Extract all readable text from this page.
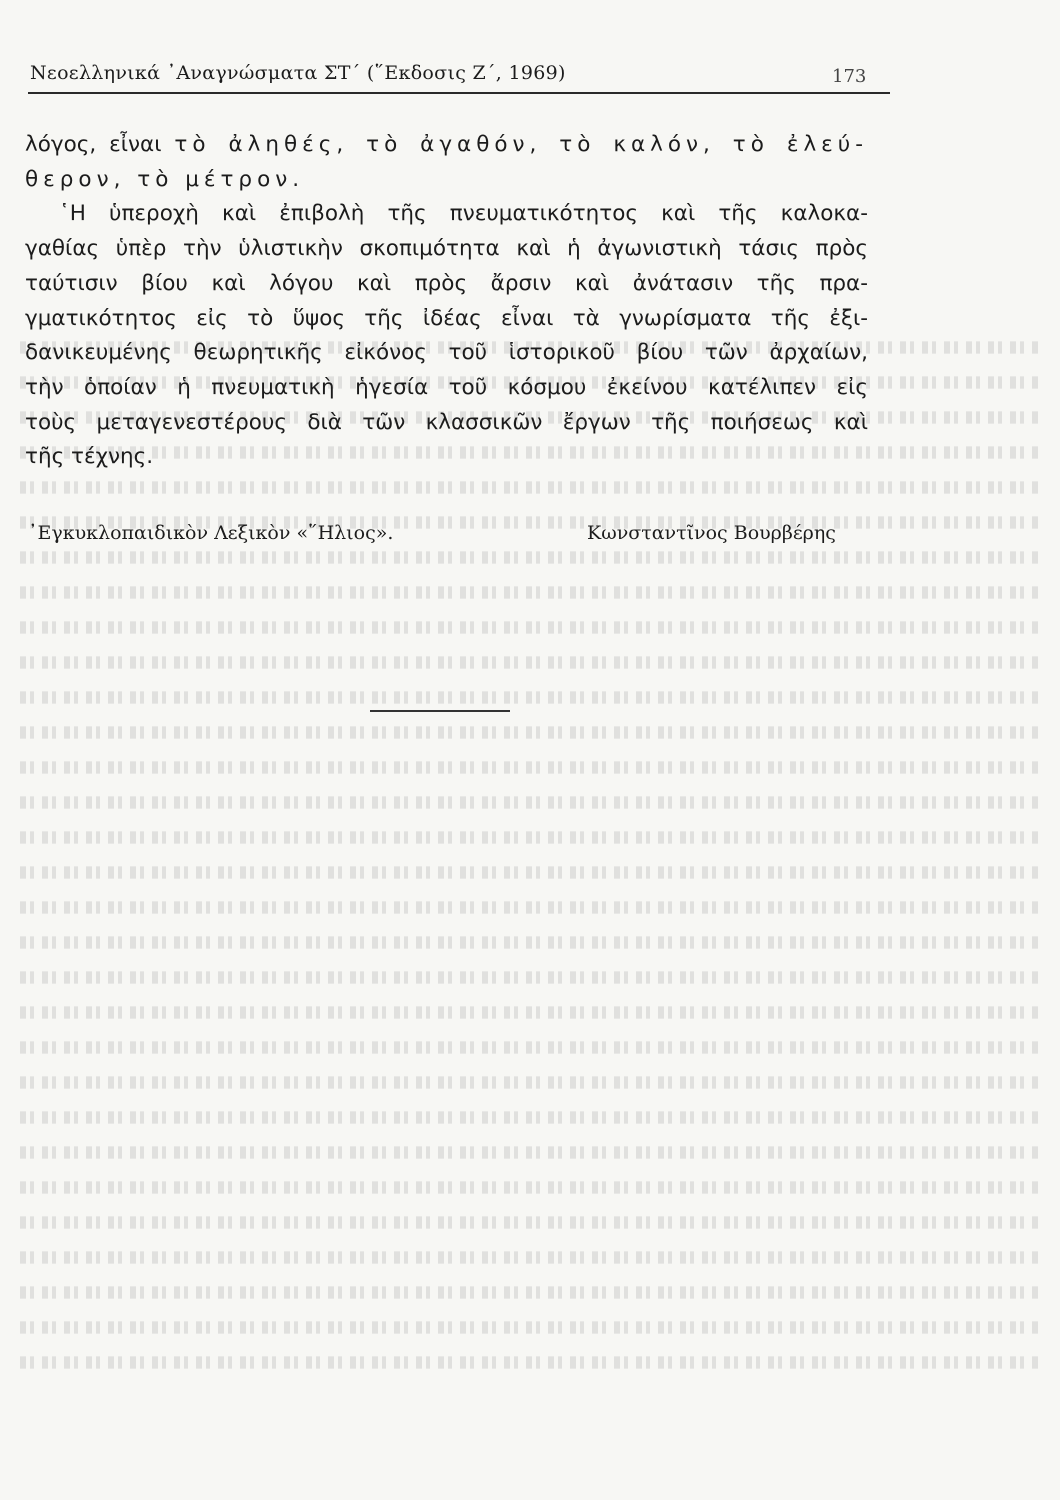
Νεοελληνικά ᾿Αναγνώσματα ΣΤ΄ (῞Εκδοσις Ζ΄, 1969)	173
λόγος, εἶναι τὸ ἀληθές, τὸ ἀγαθόν, τὸ καλόν, τὸ ἐλεύ-
θερον, τὸ μέτρον.
῾Η ὑπεροχὴ καὶ ἐπιβολὴ τῆς πνευματικότητος καὶ τῆς καλοκα-
γαθίας ὑπὲρ τὴν ὑλιστικὴν σκοπιμότητα καὶ ἡ ἀγωνιστικὴ τάσις πρὸς
ταύτισιν βίου καὶ λόγου καὶ πρὸς ἄρσιν καὶ ἀνάτασιν τῆς πρα-
γματικότητος εἰς τὸ ὕψος τῆς ἰδέας εἶναι τὰ γνωρίσματα τῆς ἐξι-
δανικευμένης θεωρητικῆς εἰκόνος τοῦ ἱστορικοῦ βίου τῶν ἀρχαίων,
τὴν ὁποίαν ἡ πνευματικὴ ἡγεσία τοῦ κόσμου ἐκείνου κατέλιπεν εἰς
τοὺς μεταγενεστέρους διὰ τῶν κλασσικῶν ἔργων τῆς ποιήσεως καὶ
τῆς τέχνης.
᾿Εγκυκλοπαιδικὸν Λεξικὸν «῞Ηλιος».	Κωνσταντῖνος Βουρβέρης
